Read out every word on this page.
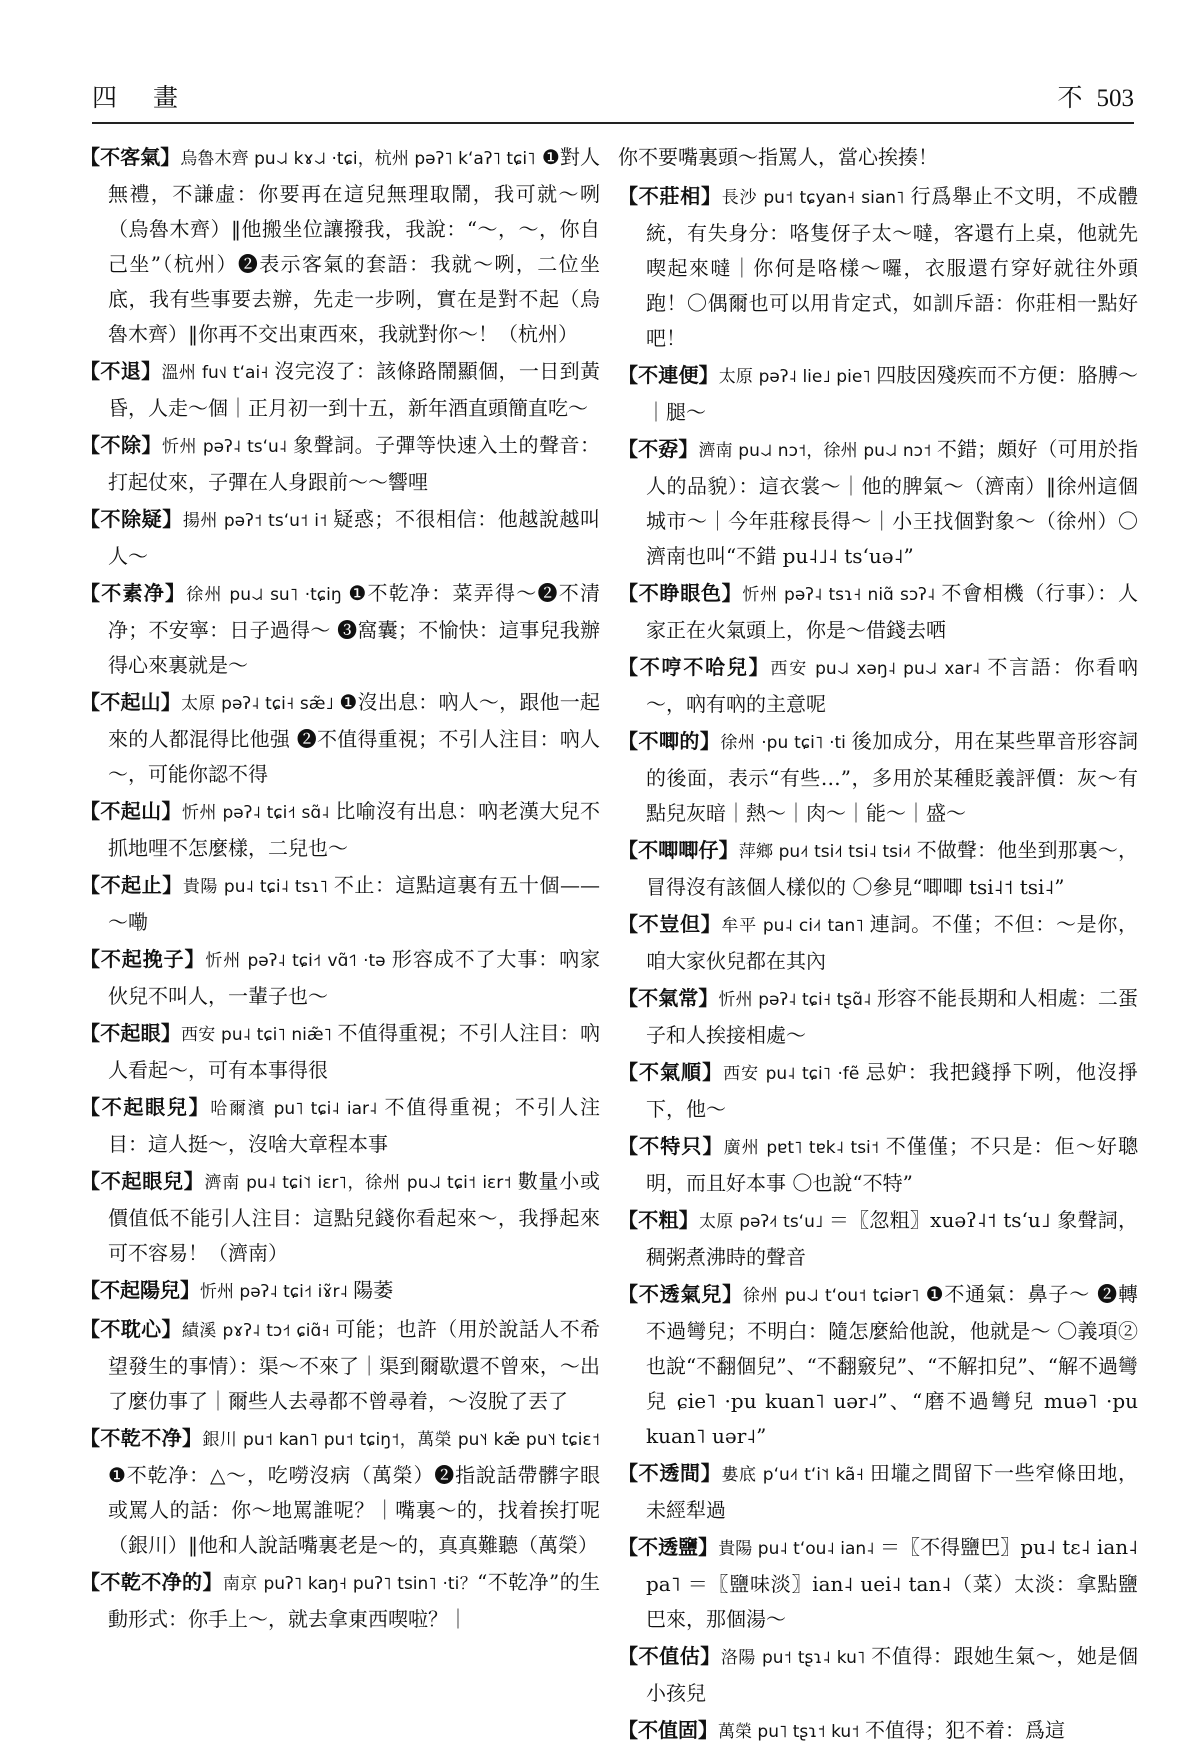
四 畫	不 503

【不客氣】烏魯木齊 pu˨˩˨ kɤ˨˩˨ ·tɕi，杭州 pəʔ˥ kʻaʔ˥ tɕi˥ ❶對人無禮，不謙虛：你要再在這兒無理取鬧，我可就～咧（烏魯木齊）‖他搬坐位讓撥我，我說：“～，～，你自己坐”（杭州）❷表示客氣的套語：我就～咧，二位坐底，我有些事要去辦，先走一步咧，實在是對不起（烏魯木齊）‖你再不交出東西來，我就對你～！（杭州）

【不退】溫州 fu˦˩ tʻai˧ 沒完沒了：該條路鬧顯個，一日到黃昏，人走～個｜正月初一到十五，新年酒直頭簡直吃～

【不除】忻州 pəʔ˨ tsʻu˨ 象聲詞。子彈等快速入土的聲音：打起仗來，子彈在人身跟前～～響哩

【不除疑】揚州 pəʔ˦ tsʻu˦ i˦ 疑惑；不很相信：他越說越叫人～

【不素净】徐州 pu˨˩˨ su˥ ·tɕiŋ ❶不乾净：菜弄得～❷不清净；不安寧：日子過得～ ❸窩囊；不愉快：這事兒我辦得心來裏就是～

【不起山】太原 pəʔ˨ tɕi˧ sæ̃˩ ❶沒出息：吶人～，跟他一起來的人都混得比他强 ❷不值得重視；不引人注目：吶人～，可能你認不得

【不起山】忻州 pəʔ˨ tɕi˧˦ sɑ̃˨ 比喻沒有出息：吶老漢大兒不抓地哩不怎麼樣，二兒也～

【不起止】貴陽 pu˨ tɕi˨ tsɿ˥ 不止：這點這裏有五十個——～嘞

【不起挽子】忻州 pəʔ˨ tɕi˧˦ vɑ̃˦˥ ·tə 形容成不了大事：吶家伙兒不叫人，一輩子也～

【不起眼】西安 pu˨ tɕi˥ niæ̃˥ 不值得重視；不引人注目：吶人看起～，可有本事得很

【不起眼兒】哈爾濱 pu˥ tɕi˨ iar˨ 不值得重視；不引人注目：這人挺～，沒啥大章程本事

【不起眼兒】濟南 pu˨ tɕi˥˦ iɛr˥，徐州 pu˨˩˨ tɕi˦ iɛr˦ 數量小或價值低不能引人注目：這點兒錢你看起來～，我掙起來可不容易！（濟南）

【不起陽兒】忻州 pəʔ˨ tɕi˧˦ iɤ̃r˨ 陽萎

【不耽心】績溪 pɤʔ˨ tɔ˧˦ ɕiɑ̃˧ 可能；也許（用於說話人不希望發生的事情）：渠～不來了｜渠到爾歇還不曾來，～出了麼仂事了｜爾些人去尋都不曾尋着，～沒脫了丟了

【不乾不净】銀川 pu˦ kan˥ pu˦ tɕiŋ˦，萬榮 pu˥˧ kæ̃ pu˥˧ tɕiɛ˦ ❶不乾净：△～，吃嘮沒病（萬榮）❷指說話帶髒字眼或罵人的話：你～地罵誰呢？｜嘴裏～的，找着挨打呢（銀川）‖他和人說話嘴裏老是～的，真真難聽（萬榮）

【不乾不净的】南京 puʔ˥ kaŋ˧ puʔ˥ tsin˥ ·ti？“不乾净”的生動形式：你手上～，就去拿東西喫啦？｜

你不要嘴裏頭～指罵人，當心挨揍！

【不莊相】長沙 pu˦ tɕyan˧ sian˥ 行爲舉止不文明，不成體統，有失身分：咯隻伢子太～噠，客還冇上桌，他就先喫起來噠｜你何是咯樣～囉，衣服還冇穿好就往外頭跑！〇偶爾也可以用肯定式，如訓斥語：你莊相一點好吧！

【不連便】太原 pəʔ˨ lie˩ pie˥ 四肢因殘疾而不方便：胳膊～｜腿～

【不孬】濟南 pu˨˩˨ nɔ˦，徐州 pu˨˩˨ nɔ˦ 不錯；頗好（可用於指人的品貌）：這衣裳～｜他的脾氣～（濟南）‖徐州這個城市～｜今年莊稼長得～｜小王找個對象～（徐州）〇濟南也叫“不錯 pu˨˩˨ tsʻuə˨”

【不睁眼色】忻州 pəʔ˨ tsɿ˧ niɑ̃ sɔʔ˨ 不會相機（行事）：人家正在火氣頭上，你是～借錢去哂

【不哼不哈兒】西安 pu˨˩˨ xəŋ˨ pu˨˩˨ xar˨ 不言語：你看吶～，吶有吶的主意呢

【不唧的】徐州 ·pu tɕi˥ ·ti 後加成分，用在某些單音形容詞的後面，表示“有些…”，多用於某種貶義評價：灰～有點兒灰暗｜熱～｜肉～｜能～｜盛～

【不唧唧仔】萍鄉 pu˨˦ tsi˨˦ tsi˨ tsi˨˦ 不做聲：他坐到那裏～，冒得沒有該個人樣似的 〇參見“唧唧 tsi˨˦ tsi˨”

【不豈但】牟平 pu˨ ci˨˦ tan˥ 連詞。不僅；不但：～是你，咱大家伙兒都在其內

【不氣常】忻州 pəʔ˨ tɕi˧ tʂɑ̃˨ 形容不能長期和人相處：二蛋子和人挨接相處～

【不氣順】西安 pu˨ tɕi˥ ·fẽ 忌妒：我把錢掙下咧，他沒掙下，他～

【不特只】廣州 pɐt˥ tɐk˨ tsi˦ 不僅僅；不只是：佢～好聰明，而且好本事 〇也說“不特”

【不粗】太原 pəʔ˨˦ tsʻu˩ ＝〖忽粗〗xuəʔ˨˦ tsʻu˩ 象聲詞，稠粥煮沸時的聲音

【不透氣兒】徐州 pu˨˩˨ tʻou˦ tɕiər˥ ❶不通氣：鼻子～ ❷轉不過彎兒；不明白：隨怎麼給他說，他就是～ 〇義項②也說“不翻個兒”、“不翻竅兒”、“不解扣兒”、“解不過彎兒 ɕie˥ ·pu kuan˥ uər˨”、“磨不過彎兒 muə˥ ·pu kuan˥ uər˨”

【不透間】婁底 pʻu˨˦ tʻi˥˦ kã˧ 田壠之間留下一些窄條田地，未經犁過

【不透鹽】貴陽 pu˨ tʻou˨ ian˨ ＝〖不得鹽巴〗pu˨ tɛ˨ ian˨ pa˥ ＝〖鹽味淡〗ian˨ uei˨ tan˨（菜）太淡：拿點鹽巴來，那個湯～

【不值估】洛陽 pu˦ tʂɿ˨ ku˥ 不值得：跟她生氣～，她是個小孩兒

【不值固】萬榮 pu˥ tʂɿ˦ ku˦ 不值得；犯不着：爲這
